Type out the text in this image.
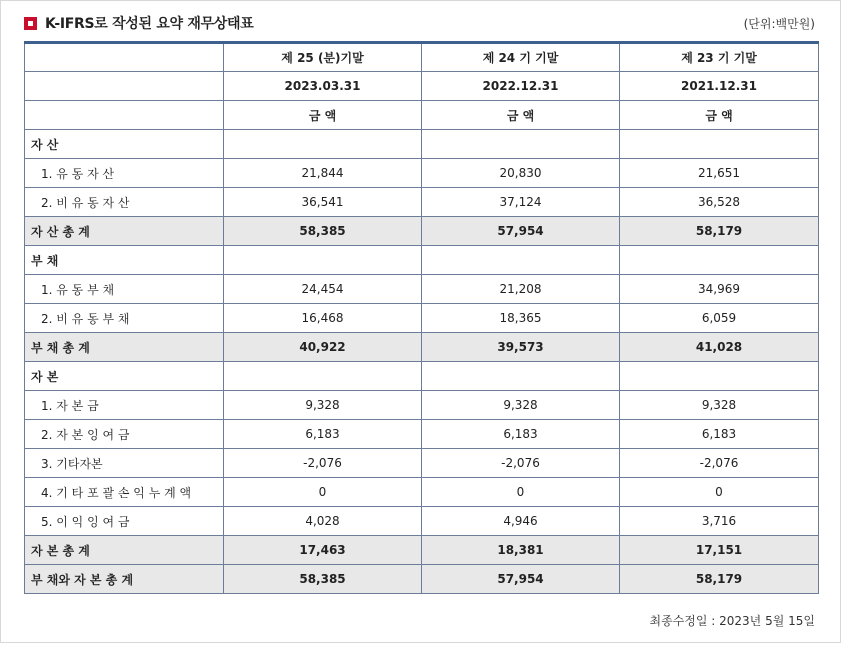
K-IFRS로 작성된 요약 재무상태표	(단위:백만원)
	제 25 (분)기말	제 24 기 기말	제 23 기 기말
	2023.03.31	2022.12.31	2021.12.31
	금 액	금 액	금 액
자 산			
1. 유 동 자 산	21,844	20,830	21,651
2. 비 유 동 자 산	36,541	37,124	36,528
자 산 총 계	58,385	57,954	58,179
부 채			
1. 유 동 부 채	24,454	21,208	34,969
2. 비 유 동 부 채	16,468	18,365	6,059
부 채 총 계	40,922	39,573	41,028
자 본			
1. 자 본 금	9,328	9,328	9,328
2. 자 본 잉 여 금	6,183	6,183	6,183
3. 기타자본	-2,076	-2,076	-2,076
4. 기 타 포 괄 손 익 누 계 액	0	0	0
5. 이 익 잉 여 금	4,028	4,946	3,716
자 본 총 계	17,463	18,381	17,151
부 채와 자 본 총 계	58,385	57,954	58,179
최종수정일 : 2023년 5월 15일
